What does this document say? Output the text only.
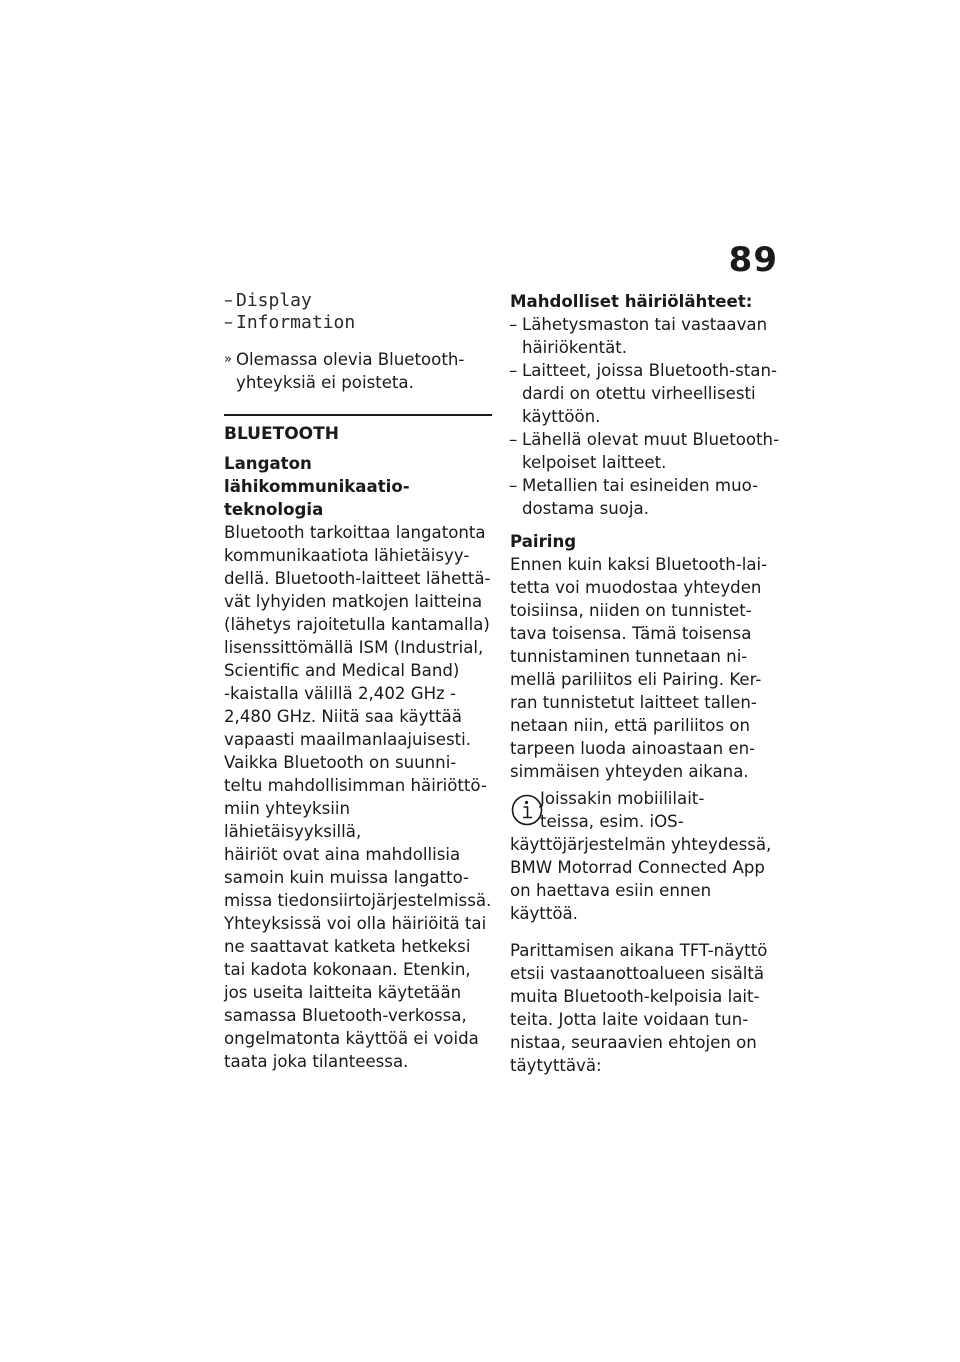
89
– Display
– Information
» Olemassa olevia Bluetooth-
yhteyksiä ei poisteta.
BLUETOOTH
Langaton lähikommunikaatio-
teknologia
Bluetooth tarkoittaa langatonta
kommunikaatiota lähietäisyy-
dellä. Bluetooth-laitteet lähettä-
vät lyhyiden matkojen laitteina
(lähetys rajoitetulla kantamalla)
lisenssittömällä ISM (Industrial,
Scientific and Medical Band)
-kaistalla välillä 2,402 GHz -
2,480 GHz. Niitä saa käyttää
vapaasti maailmanlaajuisesti.
Vaikka Bluetooth on suunni-
teltu mahdollisimman häiriöttö-
miin yhteyksiin lähietäisyyksillä,
häiriöt ovat aina mahdollisia
samoin kuin muissa langatto-
missa tiedonsiirtojärjestelmissä.
Yhteyksissä voi olla häiriöitä tai
ne saattavat katketa hetkeksi
tai kadota kokonaan. Etenkin,
jos useita laitteita käytetään
samassa Bluetooth-verkossa,
ongelmatonta käyttöä ei voida
taata joka tilanteessa.
Mahdolliset häiriölähteet:
– Lähetysmaston tai vastaavan
häiriökentät.
– Laitteet, joissa Bluetooth-stan-
dardi on otettu virheellisesti
käyttöön.
– Lähellä olevat muut Bluetooth-
kelpoiset laitteet.
– Metallien tai esineiden muo-
dostama suoja.
Pairing
Ennen kuin kaksi Bluetooth-lai-
tetta voi muodostaa yhteyden
toisiinsa, niiden on tunnistet-
tava toisensa. Tämä toisensa
tunnistaminen tunnetaan ni-
mellä pariliitos eli Pairing. Ker-
ran tunnistetut laitteet tallen-
netaan niin, että pariliitos on
tarpeen luoda ainoastaan en-
simmäisen yhteyden aikana.
Joissakin mobiililait-
teissa, esim. iOS-
käyttöjärjestelmän yhteydessä,
BMW Motorrad Connected App
on haettava esiin ennen
käyttöä.
Parittamisen aikana TFT-näyttö
etsii vastaanottoalueen sisältä
muita Bluetooth-kelpoisia lait-
teita. Jotta laite voidaan tun-
nistaa, seuraavien ehtojen on
täytyttävä:
